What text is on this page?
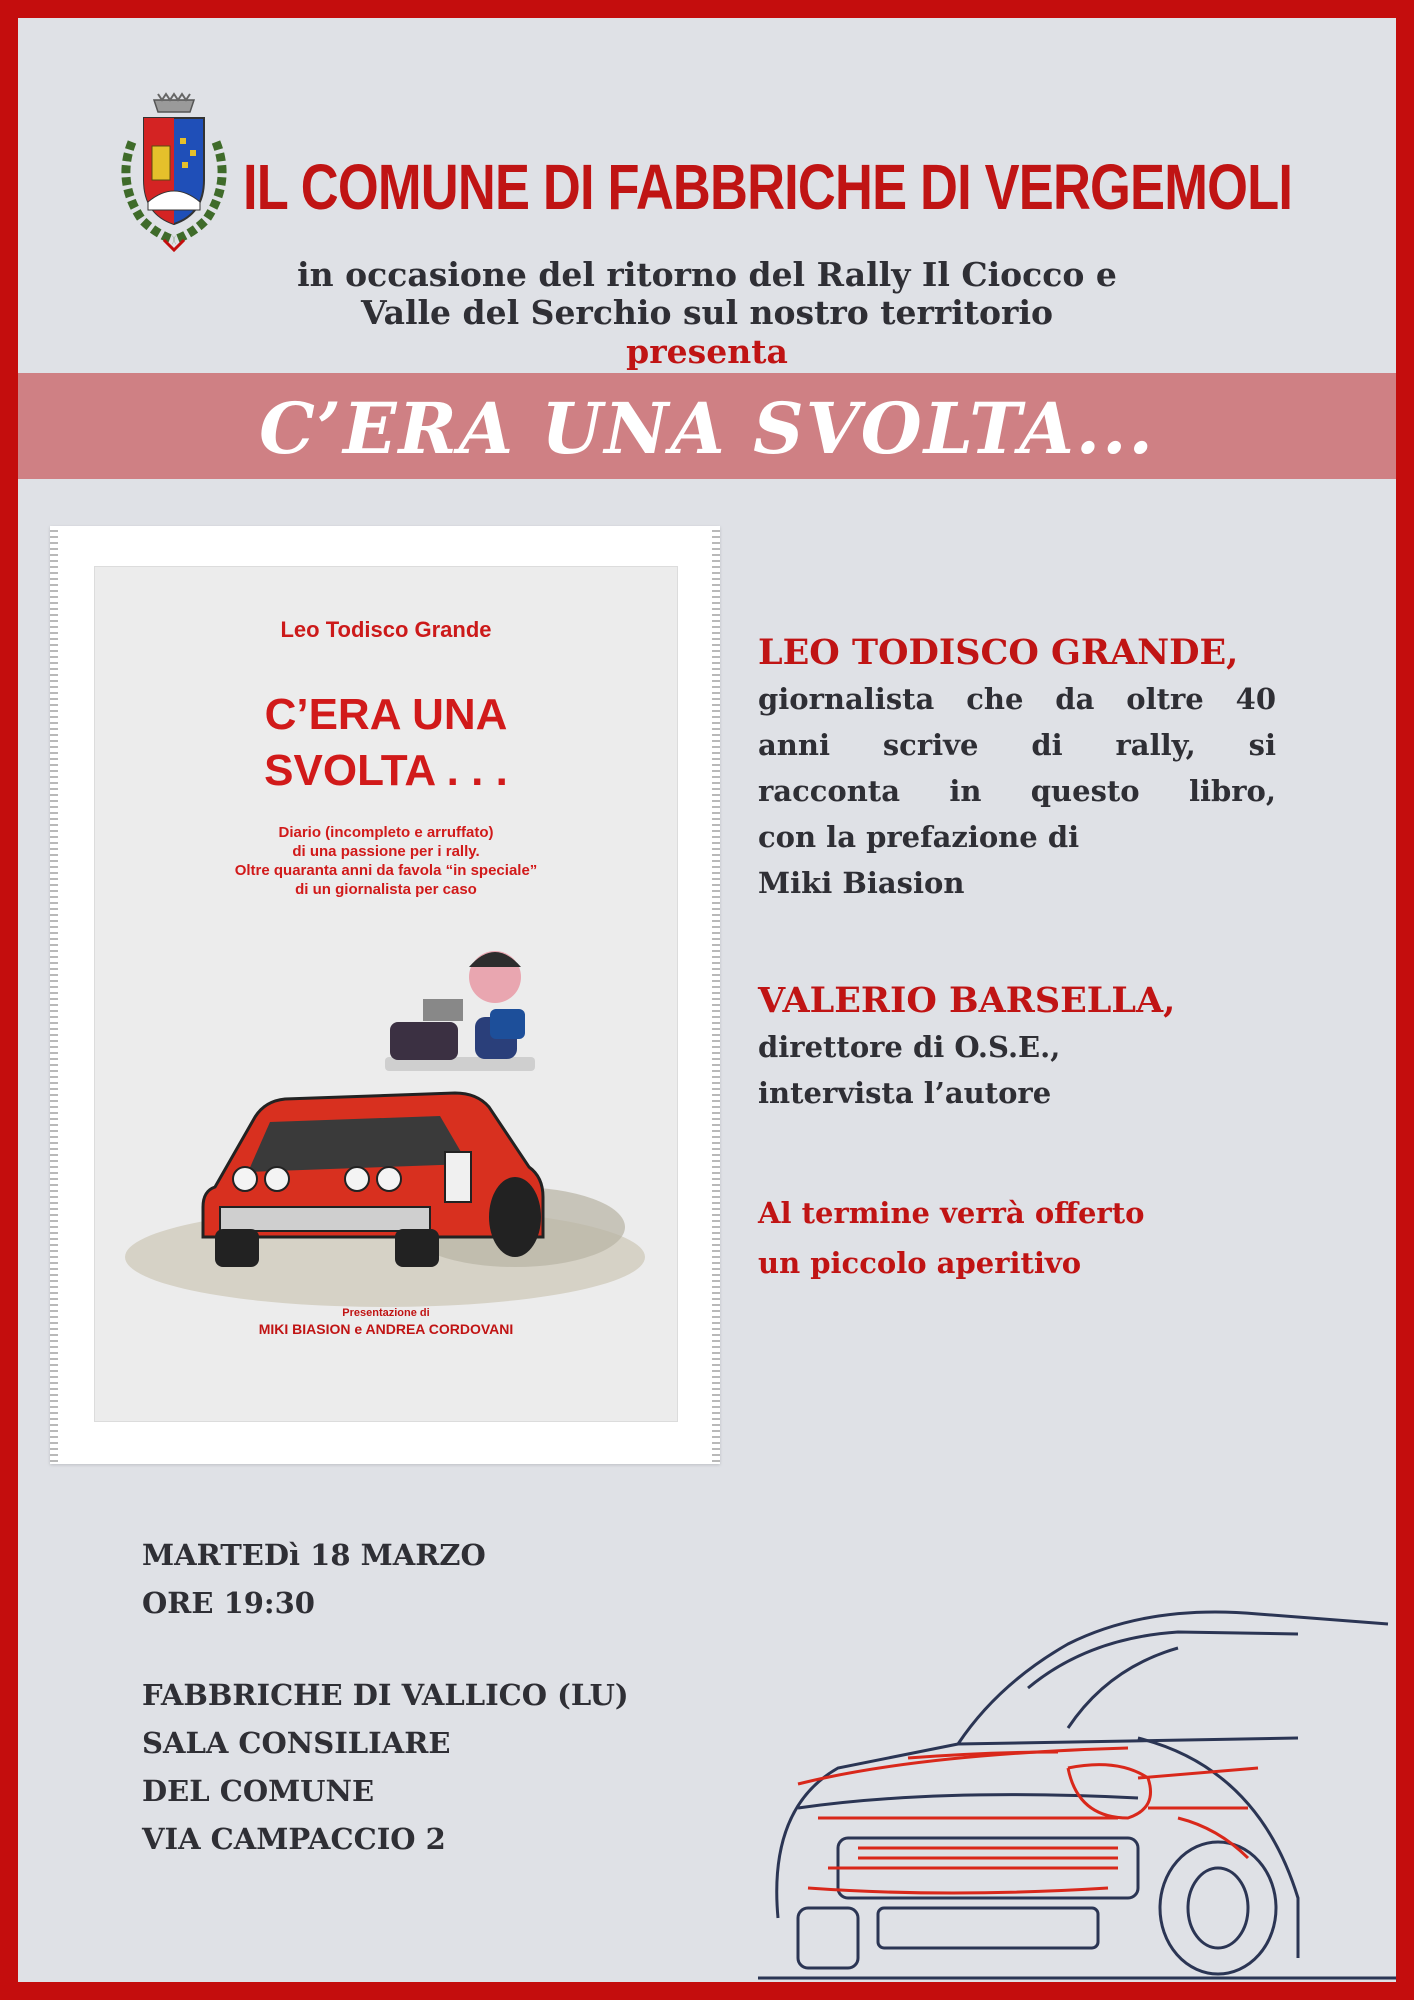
IL COMUNE DI FABBRICHE DI VERGEMOLI
in occasione del ritorno del Rally Il Ciocco e
Valle del Serchio sul nostro territorio
presenta
C’ERA UNA SVOLTA...
Leo Todisco Grande
C’ERA UNA
SVOLTA . . .
Diario (incompleto e arruffato)
di una passione per i rally.
Oltre quaranta anni da favola “in speciale”
di un giornalista per caso
Presentazione di
MIKI BIASION e ANDREA CORDOVANI
LEO TODISCO GRANDE,
giornalista che da oltre 40
anni scrive di rally, si
racconta in questo libro,
con la prefazione di
Miki Biasion
VALERIO BARSELLA,
direttore di O.S.E.,
intervista l’autore
Al termine verrà offerto
un piccolo aperitivo
MARTEDì 18 MARZO
ORE 19:30
FABBRICHE DI VALLICO (LU)
SALA CONSILIARE
DEL COMUNE
VIA CAMPACCIO 2
